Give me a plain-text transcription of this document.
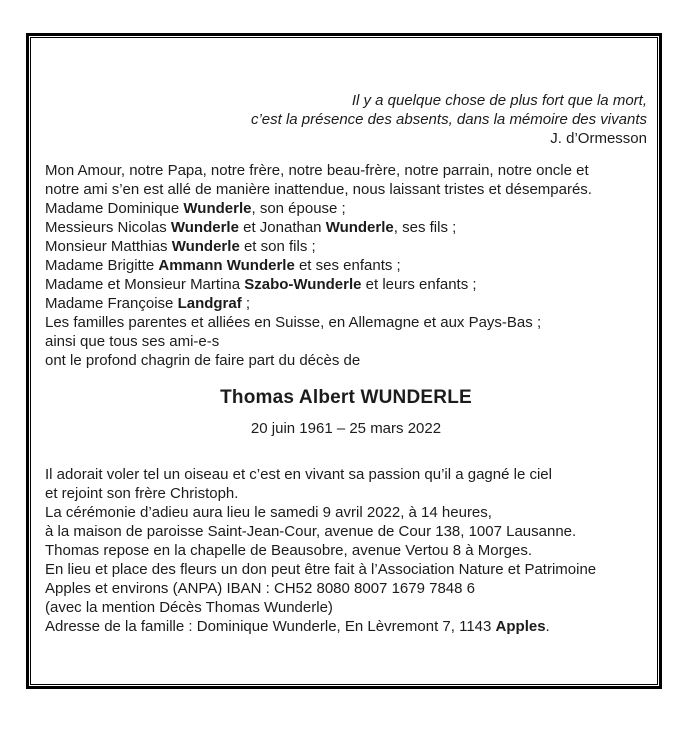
Il y a quelque chose de plus fort que la mort,
c’est la présence des absents, dans la mémoire des vivants
J. d’Ormesson
Mon Amour, notre Papa, notre frère, notre beau-frère, notre parrain, notre oncle et
notre ami s’en est allé de manière inattendue, nous laissant tristes et désemparés.
Madame Dominique Wunderle, son épouse ;
Messieurs Nicolas Wunderle et Jonathan Wunderle, ses fils ;
Monsieur Matthias Wunderle et son fils ;
Madame Brigitte Ammann Wunderle et ses enfants ;
Madame et Monsieur Martina Szabo-Wunderle et leurs enfants ;
Madame Françoise Landgraf ;
Les familles parentes et alliées en Suisse, en Allemagne et aux Pays-Bas ;
ainsi que tous ses ami-e-s
ont le profond chagrin de faire part du décès de
Thomas Albert WUNDERLE
20 juin 1961 – 25 mars 2022
Il adorait voler tel un oiseau et c’est en vivant sa passion qu’il a gagné le ciel
et rejoint son frère Christoph.
La cérémonie d’adieu aura lieu le samedi 9 avril 2022, à 14 heures,
à la maison de paroisse Saint-Jean-Cour, avenue de Cour 138, 1007 Lausanne.
Thomas repose en la chapelle de Beausobre, avenue Vertou 8 à Morges.
En lieu et place des fleurs un don peut être fait à l’Association Nature et Patrimoine
Apples et environs (ANPA) IBAN : CH52 8080 8007 1679 7848 6
(avec la mention Décès Thomas Wunderle)
Adresse de la famille : Dominique Wunderle, En Lèvremont 7, 1143 Apples.
